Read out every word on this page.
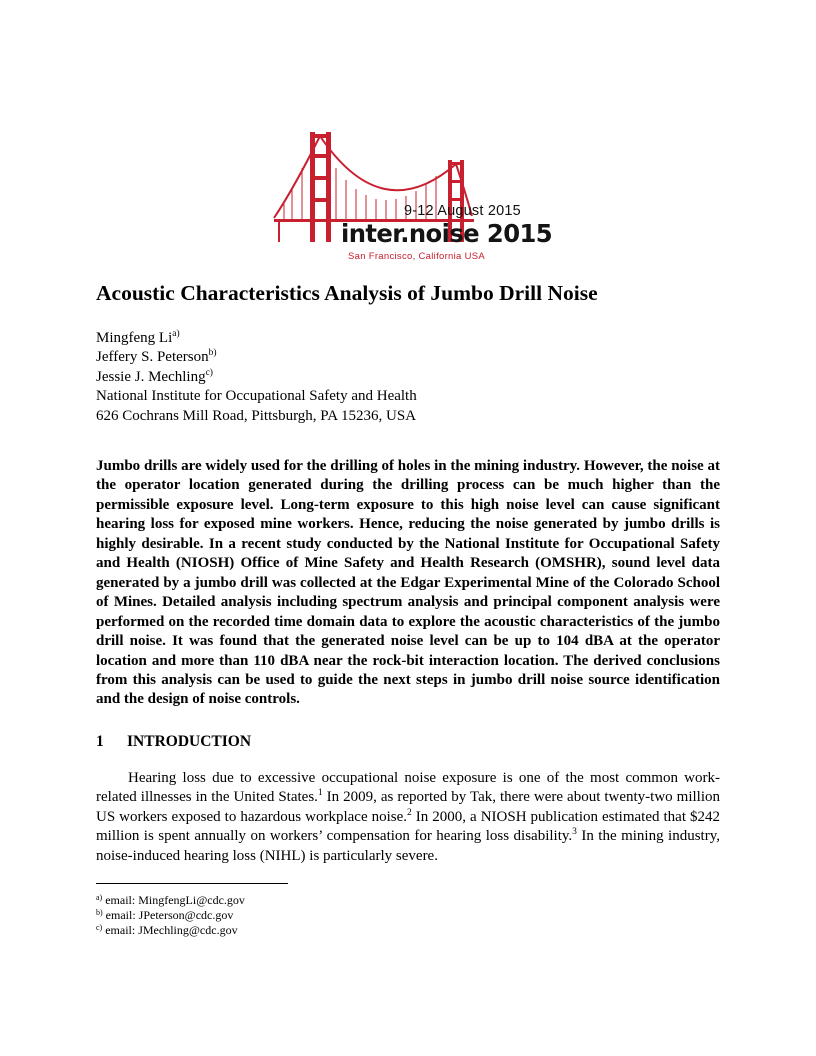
9-12 August 2015
inter.noise 2015
San Francisco, California USA
Acoustic Characteristics Analysis of Jumbo Drill Noise
Mingfeng Li$^{a)}$
Jeffery S. Peterson$^{b)}$
Jessie J. Mechling$^{c)}$
National Institute for Occupational Safety and Health
626 Cochrans Mill Road, Pittsburgh, PA 15236, USA

Jumbo drills are widely used for the drilling of holes in the mining industry. However, the noise at the operator location generated during the drilling process can be much higher than the permissible exposure level. Long-term exposure to this high noise level can cause significant hearing loss for exposed mine workers. Hence, reducing the noise generated by jumbo drills is highly desirable. In a recent study conducted by the National Institute for Occupational Safety and Health (NIOSH) Office of Mine Safety and Health Research (OMSHR), sound level data generated by a jumbo drill was collected at the Edgar Experimental Mine of the Colorado School of Mines. Detailed analysis including spectrum analysis and principal component analysis were performed on the recorded time domain data to explore the acoustic characteristics of the jumbo drill noise. It was found that the generated noise level can be up to 104 dBA at the operator location and more than 110 dBA near the rock-bit interaction location. The derived conclusions from this analysis can be used to guide the next steps in jumbo drill noise source identification and the design of noise controls.

1 INTRODUCTION

Hearing loss due to excessive occupational noise exposure is one of the most common work-related illnesses in the United States.$^1$ In 2009, as reported by Tak, there were about twenty-two million US workers exposed to hazardous workplace noise.$^2$ In 2000, a NIOSH publication estimated that $242 million is spent annually on workers’ compensation for hearing loss disability.$^3$ In the mining industry, noise-induced hearing loss (NIHL) is particularly severe.

$^{a)}$ email: MingfengLi@cdc.gov
$^{b)}$ email: JPeterson@cdc.gov
$^{c)}$ email: JMechling@cdc.gov
